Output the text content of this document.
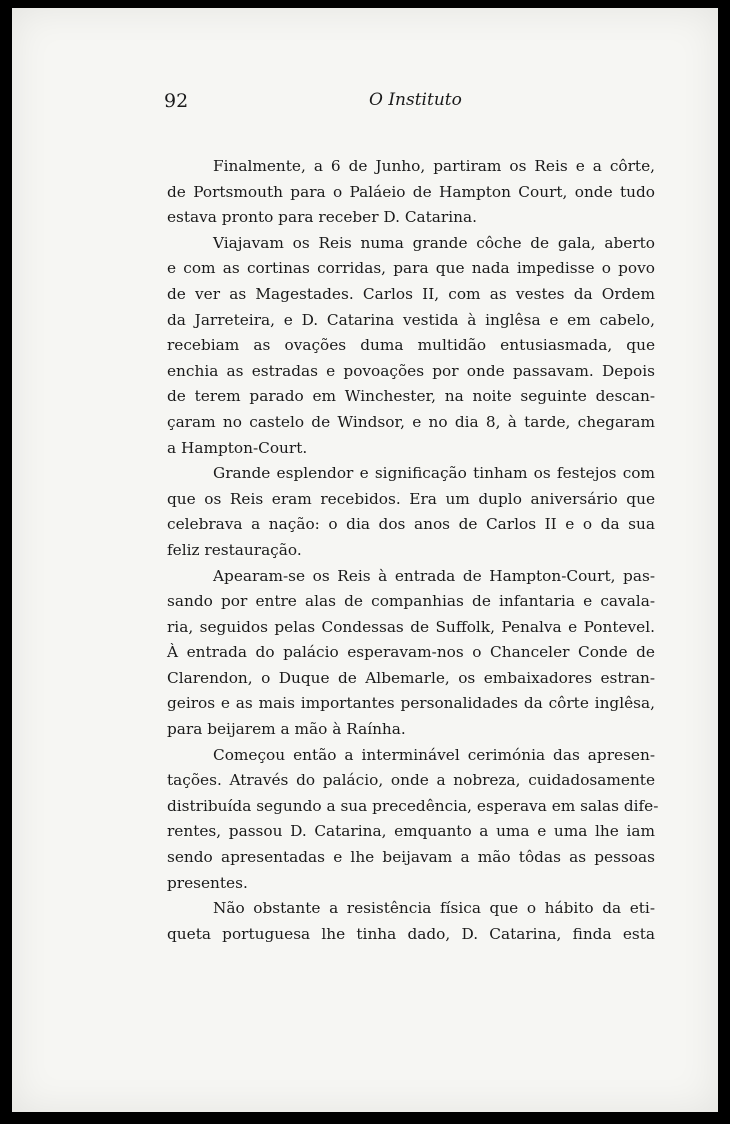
92	O Instituto
Finalmente, a 6 de Junho, partiram os Reis e a côrte,
de Portsmouth para o Paláeio de Hampton Court, onde tudo
estava pronto para receber D. Catarina.
Viajavam os Reis numa grande côche de gala, aberto
e com as cortinas corridas, para que nada impedisse o povo
de ver as Magestades. Carlos II, com as vestes da Ordem
da Jarreteira, e D. Catarina vestida à inglêsa e em cabelo,
recebiam as ovações duma multidão entusiasmada, que
enchia as estradas e povoações por onde passavam. Depois
de terem parado em Winchester, na noite seguinte descan-
çaram no castelo de Windsor, e no dia 8, à tarde, chegaram
a Hampton-Court.
Grande esplendor e significação tinham os festejos com
que os Reis eram recebidos. Era um duplo aniversário que
celebrava a nação: o dia dos anos de Carlos II e o da sua
feliz restauração.
Apearam-se os Reis à entrada de Hampton-Court, pas-
sando por entre alas de companhias de infantaria e cavala-
ria, seguidos pelas Condessas de Suffolk, Penalva e Pontevel.
À entrada do palácio esperavam-nos o Chanceler Conde de
Clarendon, o Duque de Albemarle, os embaixadores estran-
geiros e as mais importantes personalidades da côrte inglêsa,
para beijarem a mão à Raínha.
Começou então a interminável cerimónia das apresen-
tações. Através do palácio, onde a nobreza, cuidadosamente
distribuída segundo a sua precedência, esperava em salas dife-
rentes, passou D. Catarina, emquanto a uma e uma lhe iam
sendo apresentadas e lhe beijavam a mão tôdas as pessoas
presentes.
Não obstante a resistência física que o hábito da eti-
queta portuguesa lhe tinha dado, D. Catarina, finda esta
